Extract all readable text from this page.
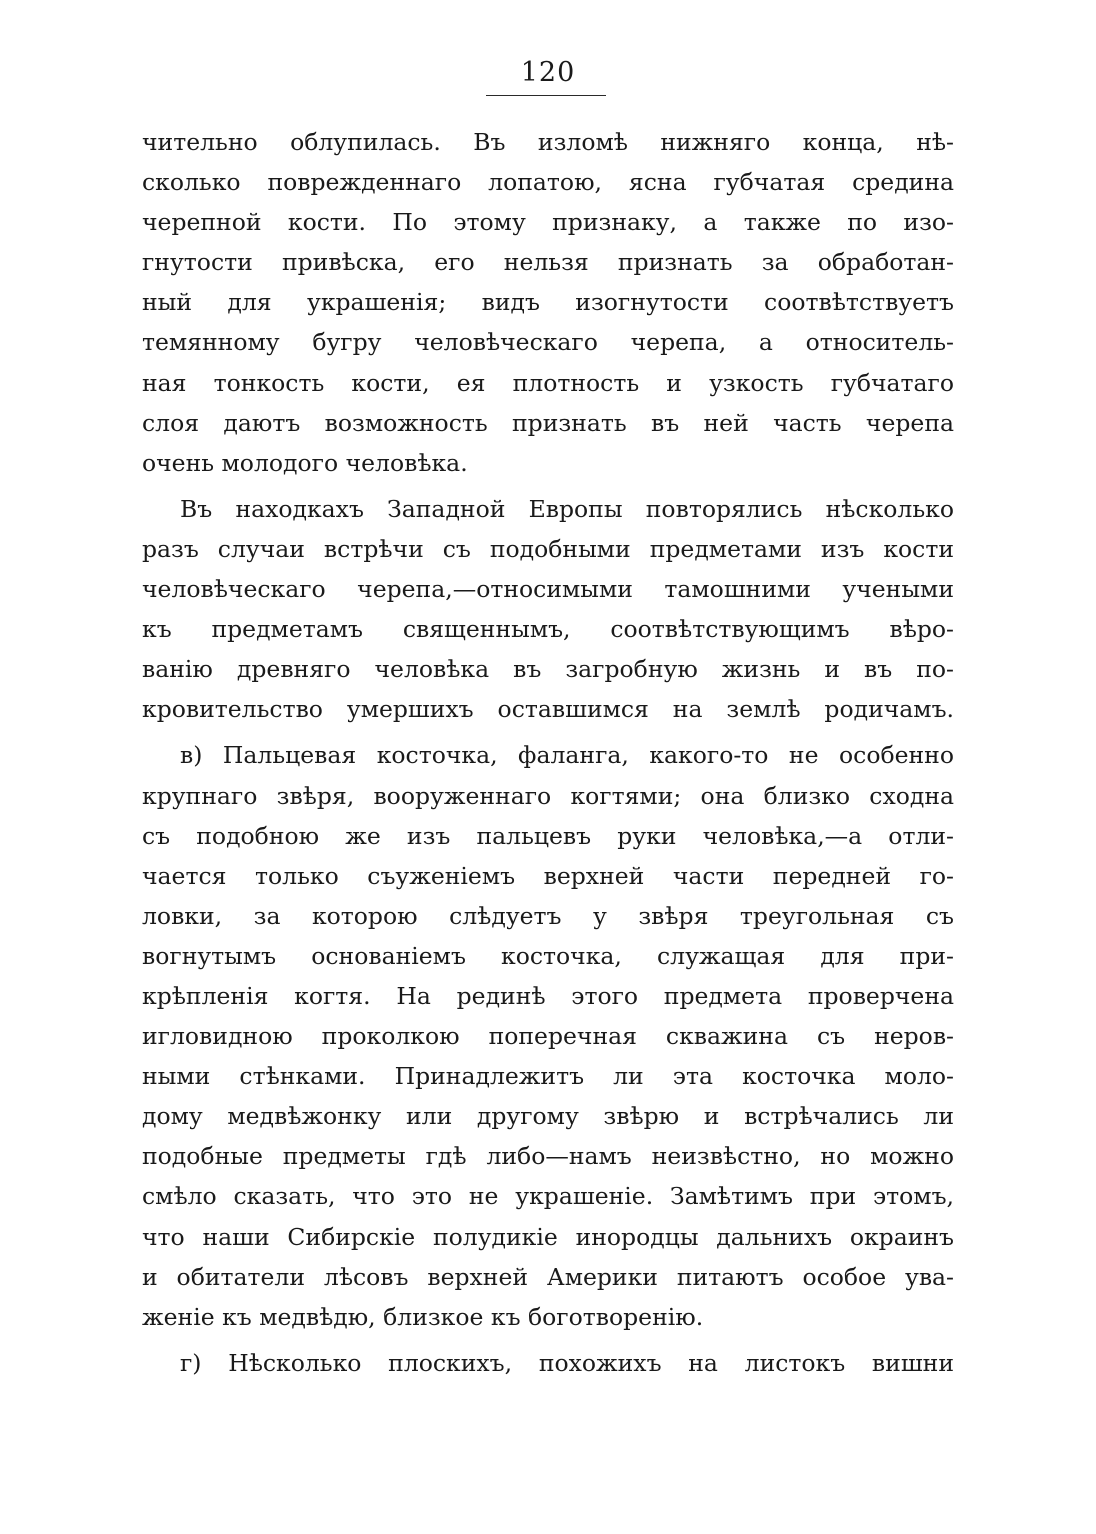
120
чительно облупилась. Въ изломѣ нижняго конца, нѣ-
сколько поврежденнаго лопатою, ясна губчатая средина
черепной кости. По этому признаку, а также по изо-
гнутости привѣска, его нельзя признать за обработан-
ный для украшенія; видъ изогнутости соотвѣтствуетъ
темянному бугру человѣческаго черепа, а относитель-
ная тонкость кости, ея плотность и узкость губчатаго
слоя даютъ возможность признать въ ней часть черепа
очень молодого человѣка.
Въ находкахъ Западной Европы повторялись нѣсколько
разъ случаи встрѣчи съ подобными предметами изъ кости
человѣческаго черепа,—относимыми тамошними учеными
къ предметамъ священнымъ, соотвѣтствующимъ вѣро-
ванію древняго человѣка въ загробную жизнь и въ по-
кровительство умершихъ оставшимся на землѣ родичамъ.
в) Пальцевая косточка, фаланга, какого-то не особенно
крупнаго звѣря, вооруженнаго когтями; она близко сходна
съ подобною же изъ пальцевъ руки человѣка,—а отли-
чается только съуженіемъ верхней части передней го-
ловки, за которою слѣдуетъ у звѣря треугольная съ
вогнутымъ основаніемъ косточка, служащая для при-
крѣпленія когтя. На рединѣ этого предмета проверчена
игловидною проколкою поперечная скважина съ неров-
ными стѣнками. Принадлежитъ ли эта косточка моло-
дому медвѣжонку или другому звѣрю и встрѣчались ли
подобные предметы гдѣ либо—намъ неизвѣстно, но можно
смѣло сказать, что это не украшеніе. Замѣтимъ при этомъ,
что наши Сибирскіе полудикіе инородцы дальнихъ окраинъ
и обитатели лѣсовъ верхней Америки питаютъ особое ува-
женіе къ медвѣдю, близкое къ боготворенію.
г) Нѣсколько плоскихъ, похожихъ на листокъ вишни
